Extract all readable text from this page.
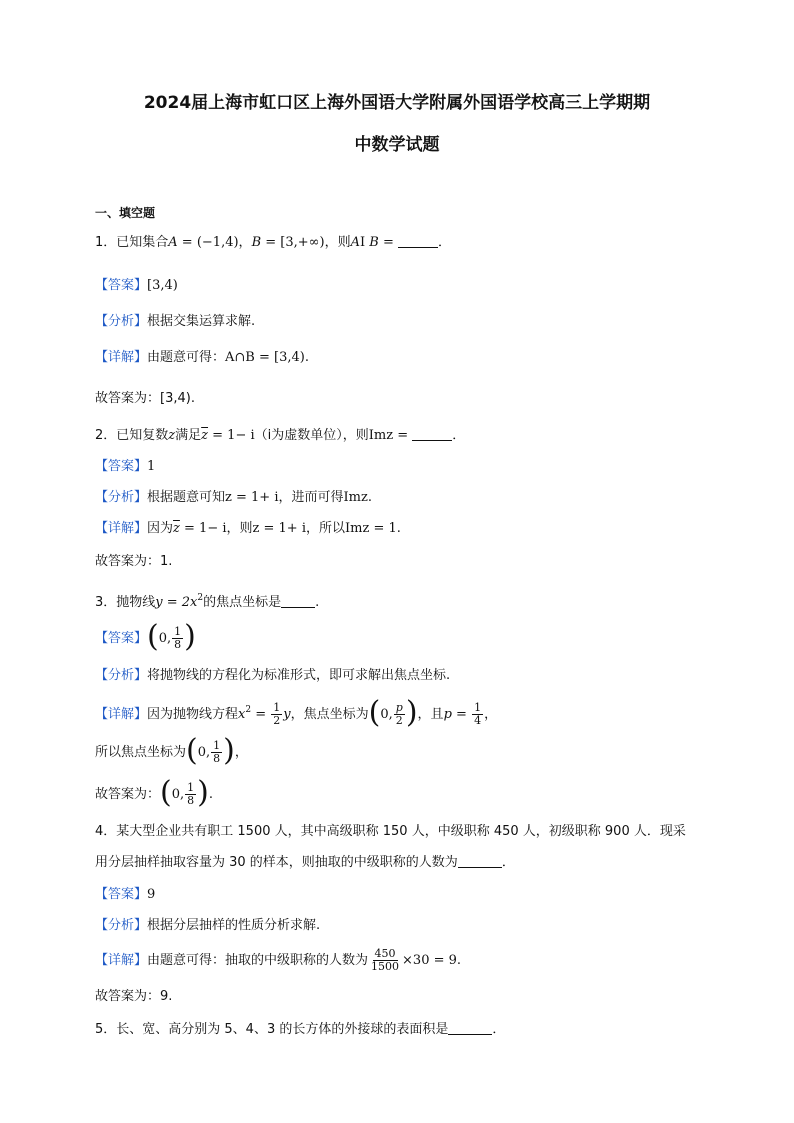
2024届上海市虹口区上海外国语大学附属外国语学校高三上学期期
中数学试题
一、填空题
1．已知集合A = (−1,4)，B = [3,+∞)，则AI B =	．
【答案】[3,4)
【分析】根据交集运算求解.
【详解】由题意可得：A∩B = [3,4).
故答案为：[3,4).
2．已知复数z满足$\overline{z} = 1- i(i$为虚数单位），则Imz =	．
【答案】1
【分析】根据题意可知z = 1+ i，进而可得Imz.
【详解】因为$\overline{z} = 1- i$，则z = 1+ i，所以Imz = 1.
故答案为：1.
3．抛物线$y = 2x^2$的焦点坐标是	.
【答案】(0, $\frac{1}{8}$ )
【分析】将抛物线的方程化为标准形式，即可求解出焦点坐标.
【详解】因为抛物线方程$x^2 = \frac{1}{2}$ y，焦点坐标为(0, $\frac{p}{2}$ )，且$p = \frac{1}{4}$ ，
所以焦点坐标为(0, $\frac{1}{8}$ )，
故答案为：(0, $\frac{1}{8}$ ).
4．某大型企业共有职工 1500 人，其中高级职称 150 人，中级职称 450 人，初级职称 900 人．现采
用分层抽样抽取容量为 30 的样本，则抽取的中级职称的人数为	．
【答案】9
【分析】根据分层抽样的性质分析求解.
【详解】由题意可得：抽取的中级职称的人数为 $\frac{450}{1500} \times 30 = 9$.
故答案为：9.
5．长、宽、高分别为 5、4、3 的长方体的外接球的表面积是	．
